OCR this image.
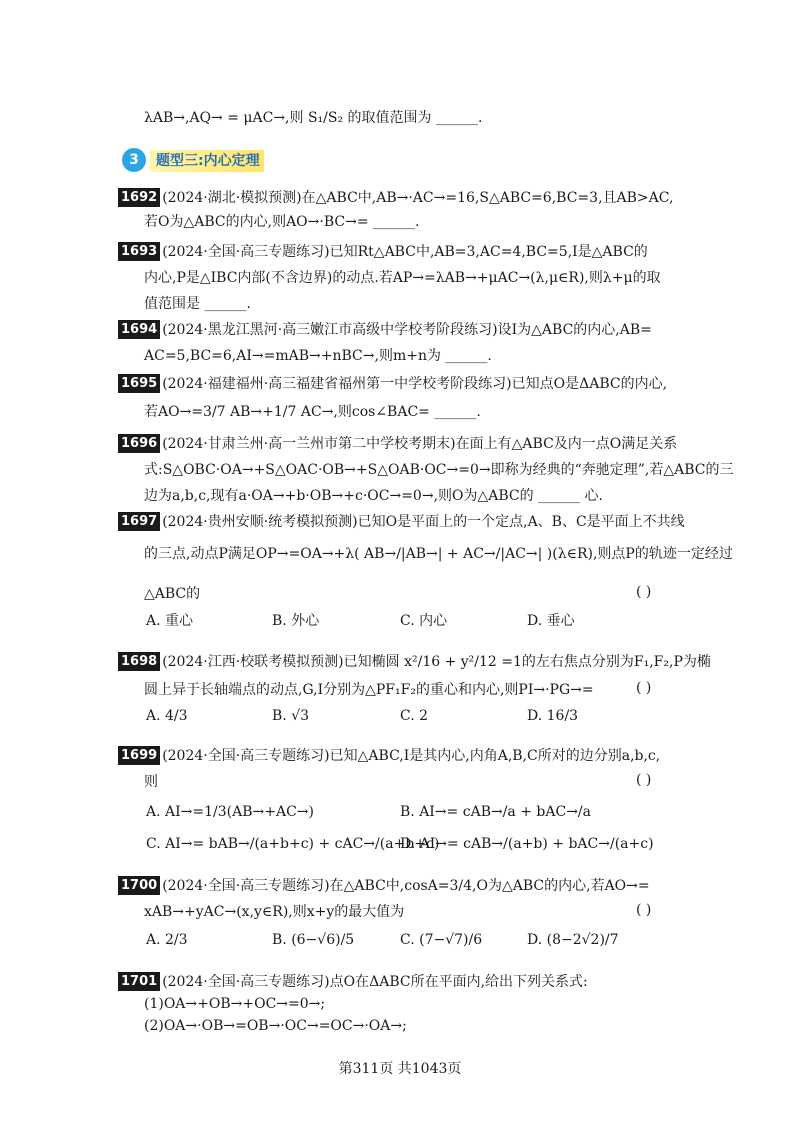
λAB→,AQ→ = μAC→,则 S₁/S₂ 的取值范围为 ______.
3	题型三:内心定理
1692 (2024·湖北·模拟预测)在△ABC中,AB→·AC→=16,S△ABC=6,BC=3,且AB>AC,
若O为△ABC的内心,则AO→·BC→= ______.
1693 (2024·全国·高三专题练习)已知Rt△ABC中,AB=3,AC=4,BC=5,I是△ABC的
内心,P是△IBC内部(不含边界)的动点.若AP→=λAB→+μAC→(λ,μ∈R),则λ+μ的取
值范围是 ______.
1694 (2024·黑龙江黑河·高三嫩江市高级中学校考阶段练习)设I为△ABC的内心,AB=
AC=5,BC=6,AI→=mAB→+nBC→,则m+n为 ______.
1695 (2024·福建福州·高三福建省福州第一中学校考阶段练习)已知点O是ΔABC的内心,
若AO→=3/7 AB→+1/7 AC→,则cos∠BAC= ______.
1696 (2024·甘肃兰州·高一兰州市第二中学校考期末)在面上有△ABC及内一点O满足关系
式:S△OBC·OA→+S△OAC·OB→+S△OAB·OC→=0→即称为经典的“奔驰定理”,若△ABC的三
边为a,b,c,现有a·OA→+b·OB→+c·OC→=0→,则O为△ABC的 ______ 心.
1697 (2024·贵州安顺·统考模拟预测)已知O是平面上的一个定点,A、B、C是平面上不共线
的三点,动点P满足OP→=OA→+λ( AB→/|AB→| + AC→/|AC→| )(λ∈R),则点P的轨迹一定经过
△ABC的	( )
A. 重心	B. 外心	C. 内心	D. 垂心
1698 (2024·江西·校联考模拟预测)已知椭圆 x²/16 + y²/12 =1的左右焦点分别为F₁,F₂,P为椭
圆上异于长轴端点的动点,G,I分别为△PF₁F₂的重心和内心,则PI→·PG→=	( )
A. 4/3	B. √3	C. 2	D. 16/3
1699 (2024·全国·高三专题练习)已知△ABC,I是其内心,内角A,B,C所对的边分别a,b,c,
则	( )
A. AI→=1/3(AB→+AC→)	B. AI→= cAB→/a + bAC→/a
C. AI→= bAB→/(a+b+c) + cAC→/(a+b+c)
D. AI→= cAB→/(a+b) + bAC→/(a+c)
1700 (2024·全国·高三专题练习)在△ABC中,cosA=3/4,O为△ABC的内心,若AO→=
xAB→+yAC→(x,y∈R),则x+y的最大值为	( )
A. 2/3	B. (6−√6)/5	C. (7−√7)/6	D. (8−2√2)/7
1701 (2024·全国·高三专题练习)点O在ΔABC所在平面内,给出下列关系式:
(1)OA→+OB→+OC→=0→;
(2)OA→·OB→=OB→·OC→=OC→·OA→;
第311页 共1043页
